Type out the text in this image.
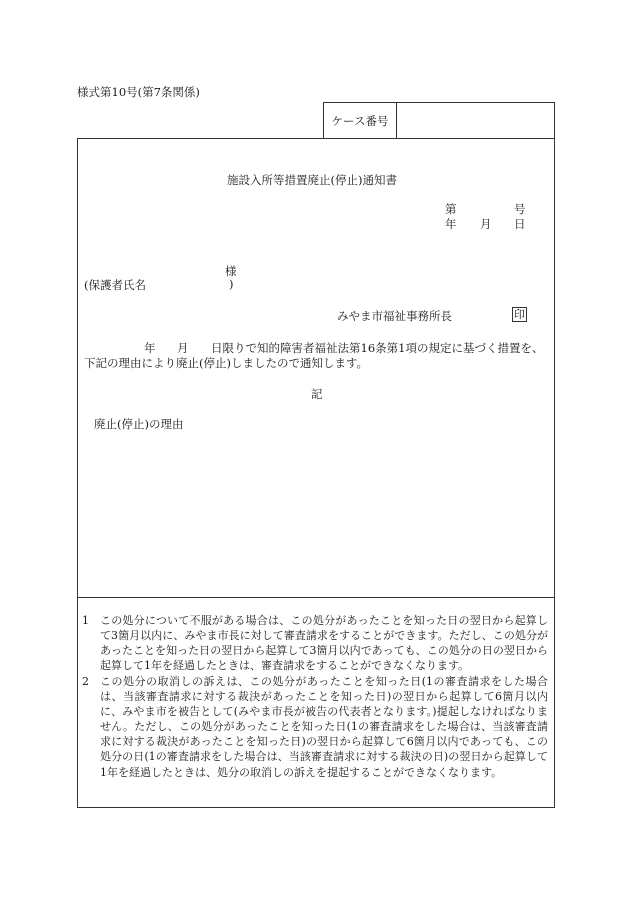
様式第10号(第7条関係)
ケース番号
施設入所等措置廃止(停止)通知書
第	号
年 月 日
様
(保護者氏名	)
みやま市福祉事務所長	印
年 月 日限りで知的障害者福祉法第16条第1項の規定に基づく措置を、
下記の理由により廃止(停止)しましたので通知します。
記
廃止(停止)の理由
1	この処分について不服がある場合は、この処分があったことを知った日の翌日から起算して3箇月以内に、みやま市長に対して審査請求をすることができます。ただし、この処分があったことを知った日の翌日から起算して3箇月以内であっても、この処分の日の翌日から起算して1年を経過したときは、審査請求をすることができなくなります。
2	この処分の取消しの訴えは、この処分があったことを知った日(1の審査請求をした場合は、当該審査請求に対する裁決があったことを知った日)の翌日から起算して6箇月以内に、みやま市を被告として(みやま市長が被告の代表者となります。)提起しなければなりません。ただし、この処分があったことを知った日(1の審査請求をした場合は、当該審査請求に対する裁決があったことを知った日)の翌日から起算して6箇月以内であっても、この処分の日(1の審査請求をした場合は、当該審査請求に対する裁決の日)の翌日から起算して1年を経過したときは、処分の取消しの訴えを提起することができなくなります。
